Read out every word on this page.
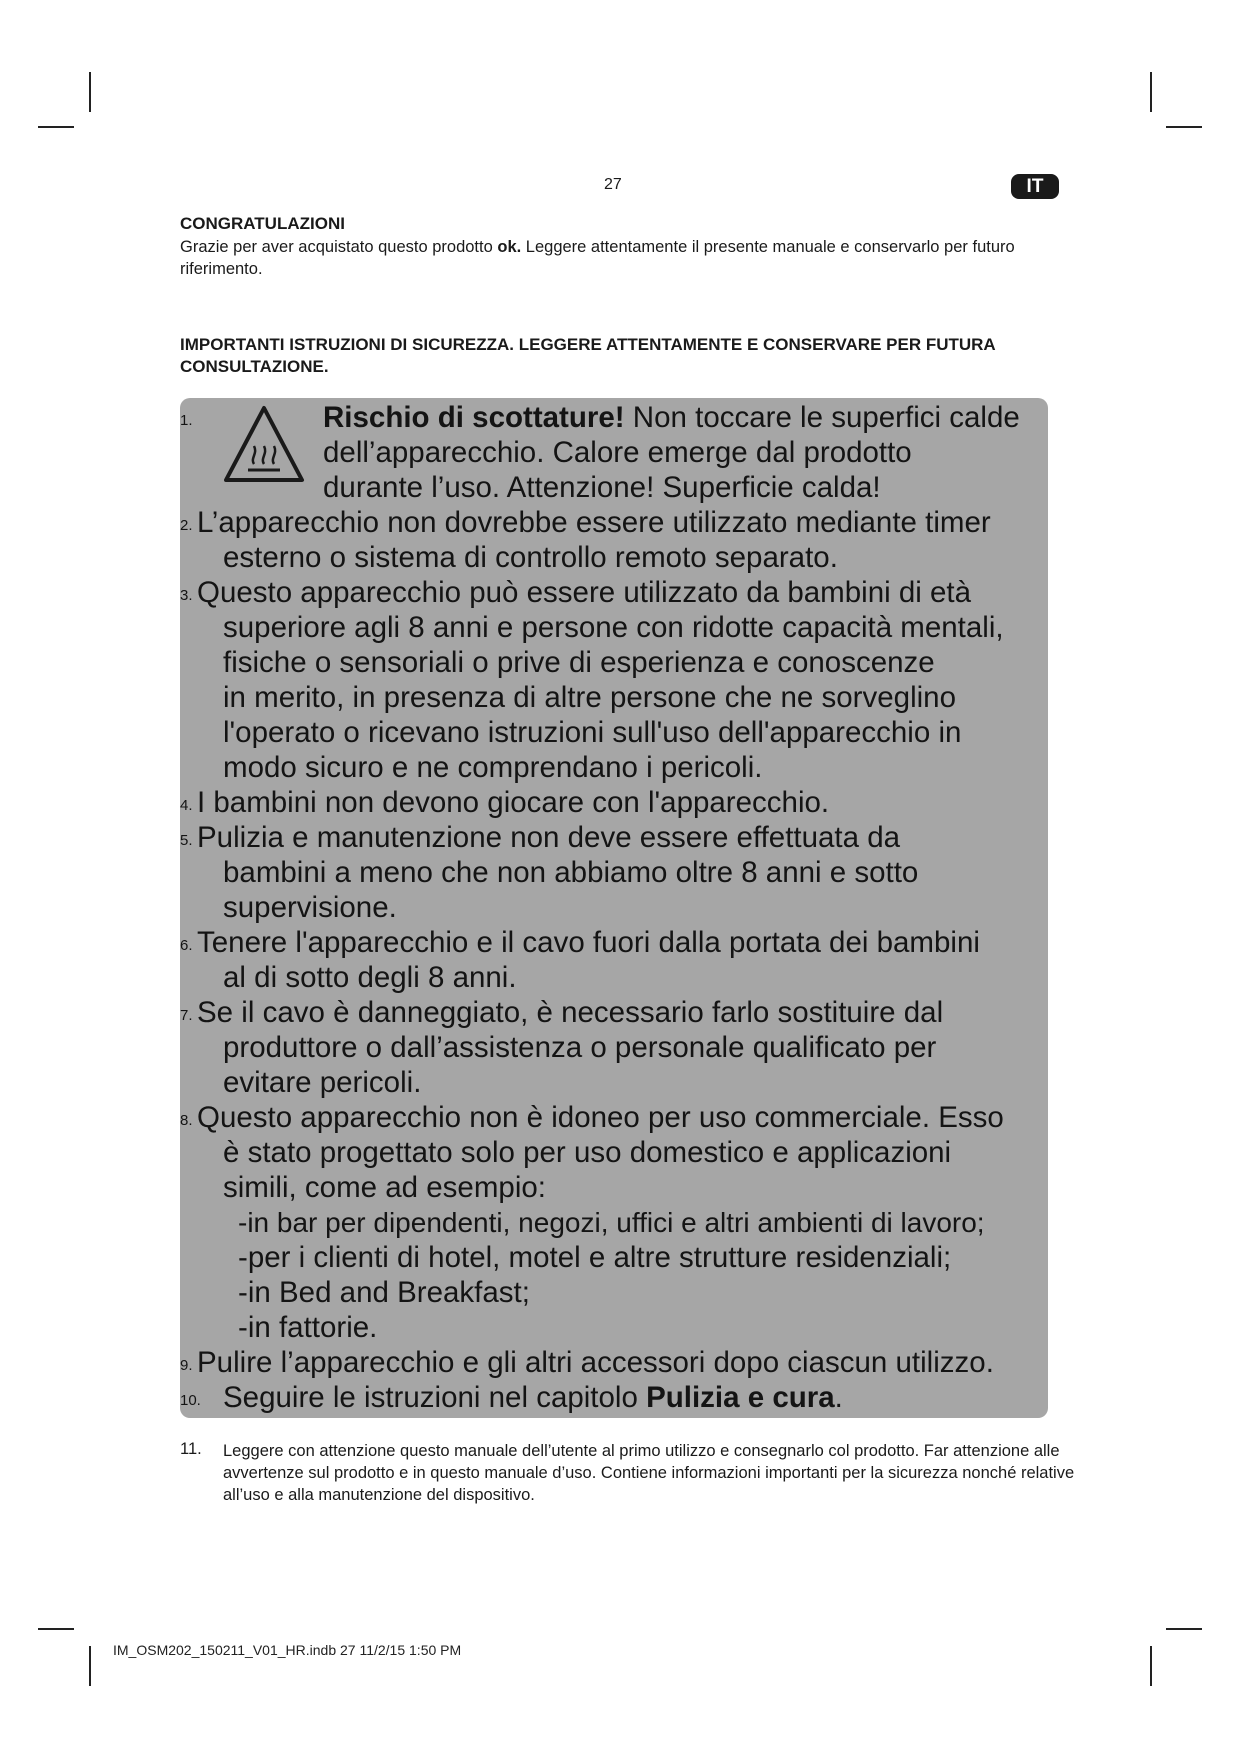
27	IT
CONGRATULAZIONI
Grazie per aver acquistato questo prodotto ok. Leggere attentamente il presente manuale e conservarlo per futuro riferimento.
IMPORTANTI ISTRUZIONI DI SICUREZZA. LEGGERE ATTENTAMENTE E CONSERVARE PER FUTURA CONSULTAZIONE.
1.	Rischio di scottature! Non toccare le superfici calde
dell’apparecchio. Calore emerge dal prodotto
durante l’uso. Attenzione! Superficie calda!
2. L’apparecchio non dovrebbe essere utilizzato mediante timer
esterno o sistema di controllo remoto separato.
3. Questo apparecchio può essere utilizzato da bambini di età
superiore agli 8 anni e persone con ridotte capacità mentali,
fisiche o sensoriali o prive di esperienza e conoscenze
in merito, in presenza di altre persone che ne sorveglino
l'operato o ricevano istruzioni sull'uso dell'apparecchio in
modo sicuro e ne comprendano i pericoli.
4. I bambini non devono giocare con l'apparecchio.
5. Pulizia e manutenzione non deve essere effettuata da
bambini a meno che non abbiamo oltre 8 anni e sotto
supervisione.
6. Tenere l'apparecchio e il cavo fuori dalla portata dei bambini
al di sotto degli 8 anni.
7. Se il cavo è danneggiato, è necessario farlo sostituire dal
produttore o dall’assistenza o personale qualificato per
evitare pericoli.
8. Questo apparecchio non è idoneo per uso commerciale. Esso
è stato progettato solo per uso domestico e applicazioni
simili, come ad esempio:
-in bar per dipendenti, negozi, uffici e altri ambienti di lavoro;
-per i clienti di hotel, motel e altre strutture residenziali;
-in Bed and Breakfast;
-in fattorie.
9. Pulire l’apparecchio e gli altri accessori dopo ciascun utilizzo.
10. Seguire le istruzioni nel capitolo Pulizia e cura.
11. Leggere con attenzione questo manuale dell’utente al primo utilizzo e consegnarlo col prodotto. Far attenzione alle avvertenze sul prodotto e in questo manuale d’uso. Contiene informazioni importanti per la sicurezza nonché relative all’uso e alla manutenzione del dispositivo.
IM_OSM202_150211_V01_HR.indb 27 11/2/15 1:50 PM
